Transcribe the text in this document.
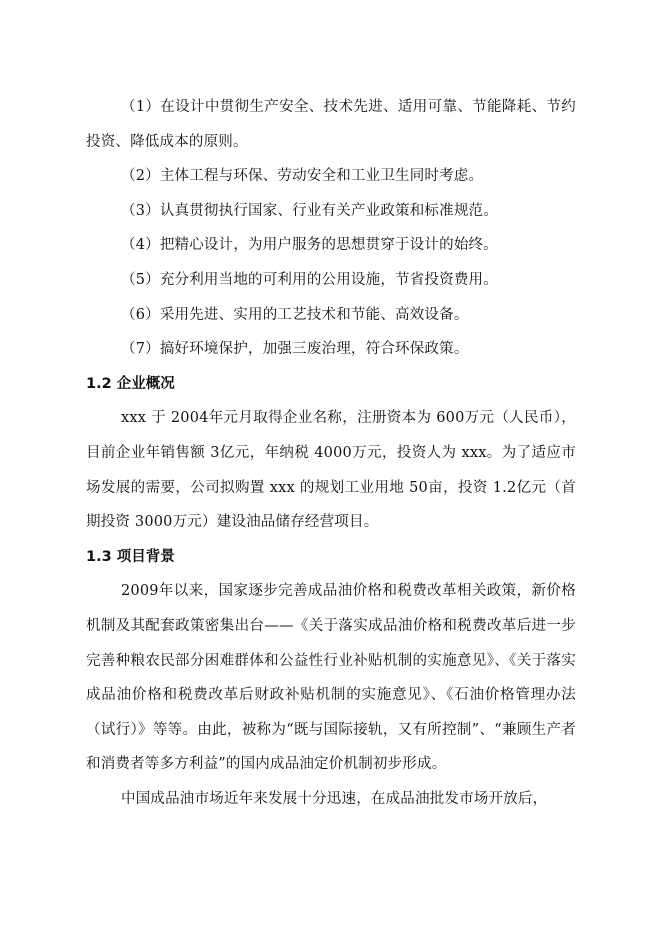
（1）在设计中贯彻生产安全、技术先进、适用可靠、节能降耗、节约投资、降低成本的原则。

（2）主体工程与环保、劳动安全和工业卫生同时考虑。

（3）认真贯彻执行国家、行业有关产业政策和标准规范。

（4）把精心设计，为用户服务的思想贯穿于设计的始终。

（5）充分利用当地的可利用的公用设施，节省投资费用。

（6）采用先进、实用的工艺技术和节能、高效设备。

（7）搞好环境保护，加强三废治理，符合环保政策。

1.2 企业概况

xxx 于 2004年元月取得企业名称，注册资本为 600万元（人民币），目前企业年销售额 3亿元，年纳税 4000万元，投资人为 xxx。为了适应市场发展的需要，公司拟购置 xxx 的规划工业用地 50亩，投资 1.2亿元（首期投资 3000万元）建设油品储存经营项目。

1.3 项目背景

2009年以来，国家逐步完善成品油价格和税费改革相关政策，新价格机制及其配套政策密集出台——《关于落实成品油价格和税费改革后进一步完善种粮农民部分困难群体和公益性行业补贴机制的实施意见》、《关于落实成品油价格和税费改革后财政补贴机制的实施意见》、《石油价格管理办法（试行）》等等。由此，被称为“既与国际接轨，又有所控制”、“兼顾生产者和消费者等多方利益”的国内成品油定价机制初步形成。

中国成品油市场近年来发展十分迅速，在成品油批发市场开放后，
